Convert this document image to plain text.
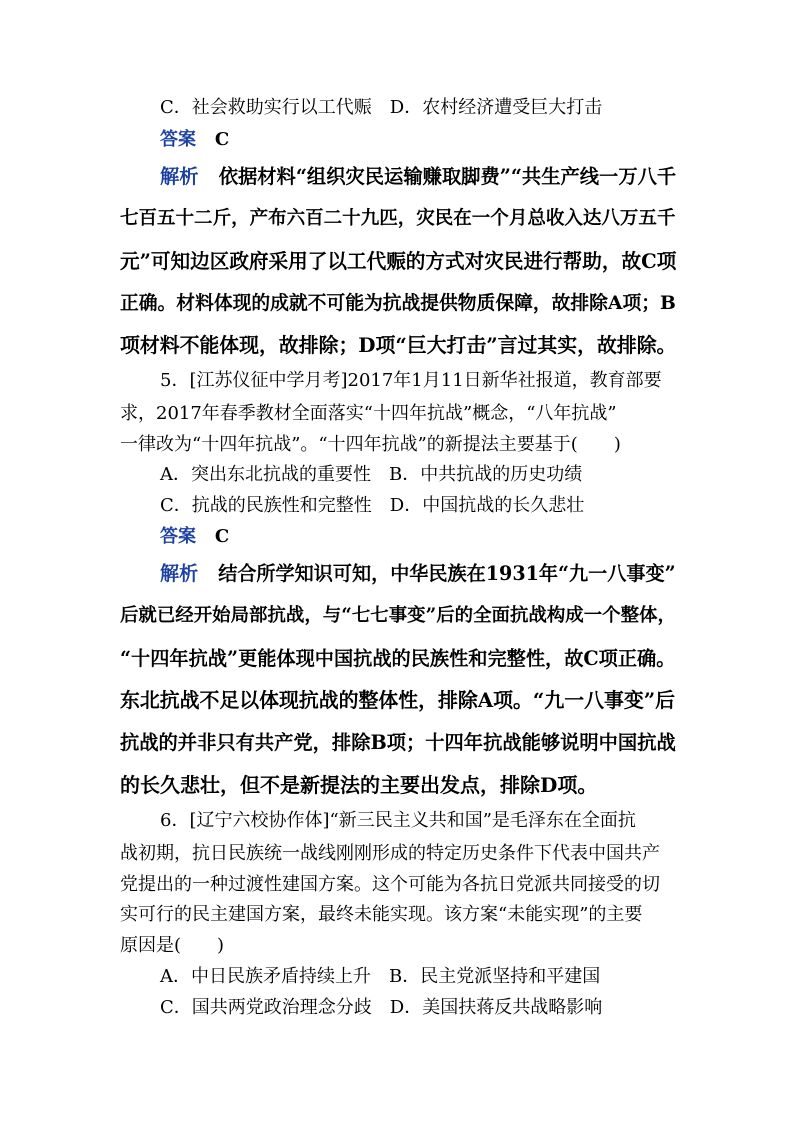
C．社会救助实行以工代赈 D．农村经济遭受巨大打击
答案 C
解析 依据材料“组织灾民运输赚取脚费”“共生产线一万八千
七百五十二斤，产布六百二十九匹，灾民在一个月总收入达八万五千
元”可知边区政府采用了以工代赈的方式对灾民进行帮助，故C项
正确。材料体现的成就不可能为抗战提供物质保障，故排除A项；B
项材料不能体现，故排除；D项“巨大打击”言过其实，故排除。
5．[江苏仪征中学月考]2017年1月11日新华社报道，教育部要
求，2017年春季教材全面落实“十四年抗战”概念，“八年抗战”
一律改为“十四年抗战”。“十四年抗战”的新提法主要基于(　　)
A．突出东北抗战的重要性 B．中共抗战的历史功绩
C．抗战的民族性和完整性 D．中国抗战的长久悲壮
答案 C
解析 结合所学知识可知，中华民族在1931年“九一八事变”
后就已经开始局部抗战，与“七七事变”后的全面抗战构成一个整体，
“十四年抗战”更能体现中国抗战的民族性和完整性，故C项正确。
东北抗战不足以体现抗战的整体性，排除A项。“九一八事变”后
抗战的并非只有共产党，排除B项；十四年抗战能够说明中国抗战
的长久悲壮，但不是新提法的主要出发点，排除D项。
6．[辽宁六校协作体]“新三民主义共和国”是毛泽东在全面抗
战初期，抗日民族统一战线刚刚形成的特定历史条件下代表中国共产
党提出的一种过渡性建国方案。这个可能为各抗日党派共同接受的切
实可行的民主建国方案，最终未能实现。该方案“未能实现”的主要
原因是(　　)
A．中日民族矛盾持续上升 B．民主党派坚持和平建国
C．国共两党政治理念分歧 D．美国扶蒋反共战略影响
